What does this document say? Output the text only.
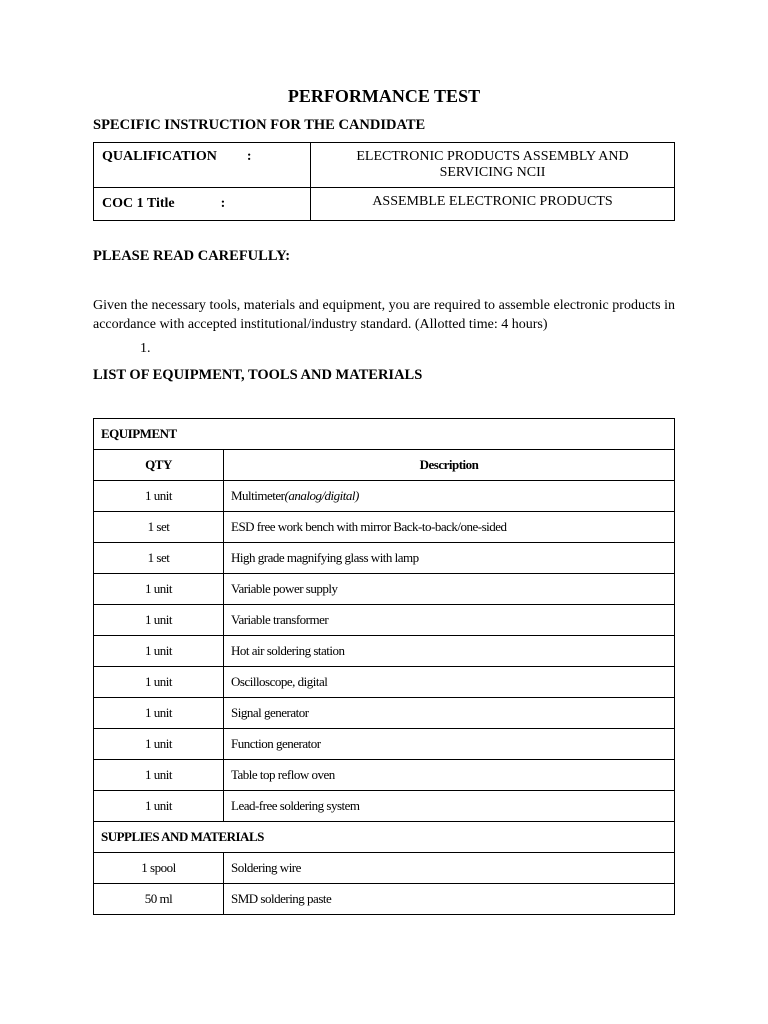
PERFORMANCE TEST
SPECIFIC INSTRUCTION FOR THE CANDIDATE
QUALIFICATION :	ELECTRONIC PRODUCTS ASSEMBLY AND
SERVICING NCII

COC 1 Title :	ASSEMBLE ELECTRONIC PRODUCTS
PLEASE READ CAREFULLY:
Given the necessary tools, materials and equipment, you are required to assemble electronic products in accordance with accepted institutional/industry standard. (Allotted time: 4 hours)
1.
LIST OF EQUIPMENT, TOOLS AND MATERIALS
EQUIPMENT	
QTY	Description
1 unit	Multimeter(analog/digital)
1 set	ESD free work bench with mirror Back-to-back/one-sided
1 set	High grade magnifying glass with lamp
1 unit	Variable power supply
1 unit	Variable transformer
1 unit	Hot air soldering station
1 unit	Oscilloscope, digital
1 unit	Signal generator
1 unit	Function generator
1 unit	Table top reflow oven
1 unit	Lead-free soldering system
SUPPLIES AND MATERIALS	
1 spool	Soldering wire
50 ml	SMD soldering paste
